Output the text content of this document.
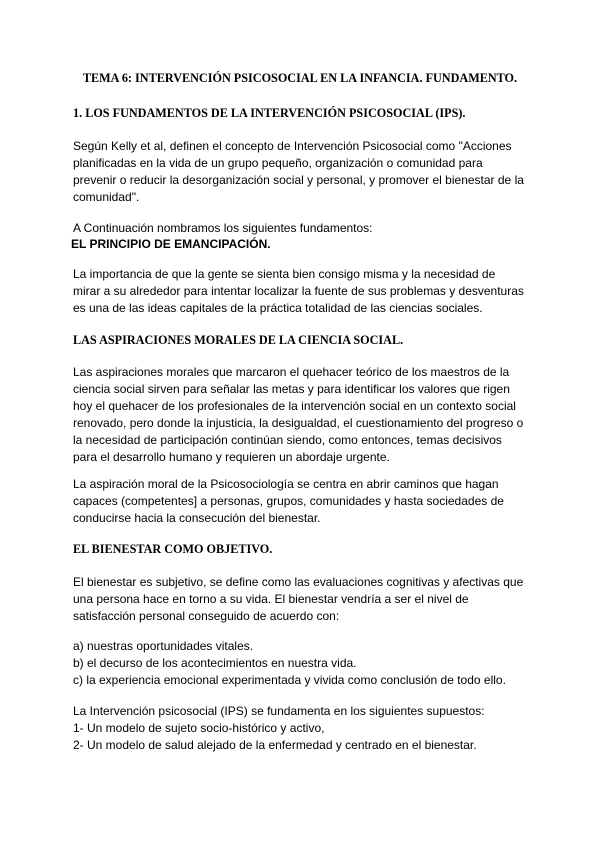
TEMA 6: INTERVENCIÓN PSICOSOCIAL EN LA INFANCIA. FUNDAMENTO.
1. LOS FUNDAMENTOS DE LA INTERVENCIÓN PSICOSOCIAL (IPS).

Según Kelly et al, definen el concepto de Intervención Psicosocial como "Acciones
planificadas en la vida de un grupo pequeño, organización o comunidad para
prevenir o reducir la desorganización social y personal, y promover el bienestar de la
comunidad".

A Continuación nombramos los siguientes fundamentos:

EL PRINCIPIO DE EMANCIPACIÓN.

La importancia de que la gente se sienta bien consigo misma y la necesidad de
mirar a su alrededor para intentar localizar la fuente de sus problemas y desventuras
es una de las ideas capitales de la práctica totalidad de las ciencias sociales.

LAS ASPIRACIONES MORALES DE LA CIENCIA SOCIAL.

Las aspiraciones morales que marcaron el quehacer teórico de los maestros de la
ciencia social sirven para señalar las metas y para identificar los valores que rigen
hoy el quehacer de los profesionales de la intervención social en un contexto social
renovado, pero donde la injusticia, la desigualdad, el cuestionamiento del progreso o
la necesidad de participación continúan siendo, como entonces, temas decisivos
para el desarrollo humano y requieren un abordaje urgente.

La aspiración moral de la Psicosociología se centra en abrir caminos que hagan
capaces (competentes] a personas, grupos, comunidades y hasta sociedades de
conducirse hacia la consecución del bienestar.

EL BIENESTAR COMO OBJETIVO.

El bienestar es subjetivo, se define como las evaluaciones cognitivas y afectivas que
una persona hace en torno a su vida. El bienestar vendría a ser el nivel de
satisfacción personal conseguido de acuerdo con:

a) nuestras oportunidades vitales.
b) el decurso de los acontecimientos en nuestra vida.
c) la experiencia emocional experimentada y vivida como conclusión de todo ello.

La Intervención psicosocial (IPS) se fundamenta en los siguientes supuestos:
1- Un modelo de sujeto socio-histórico y activo,
2- Un modelo de salud alejado de la enfermedad y centrado en el bienestar.
